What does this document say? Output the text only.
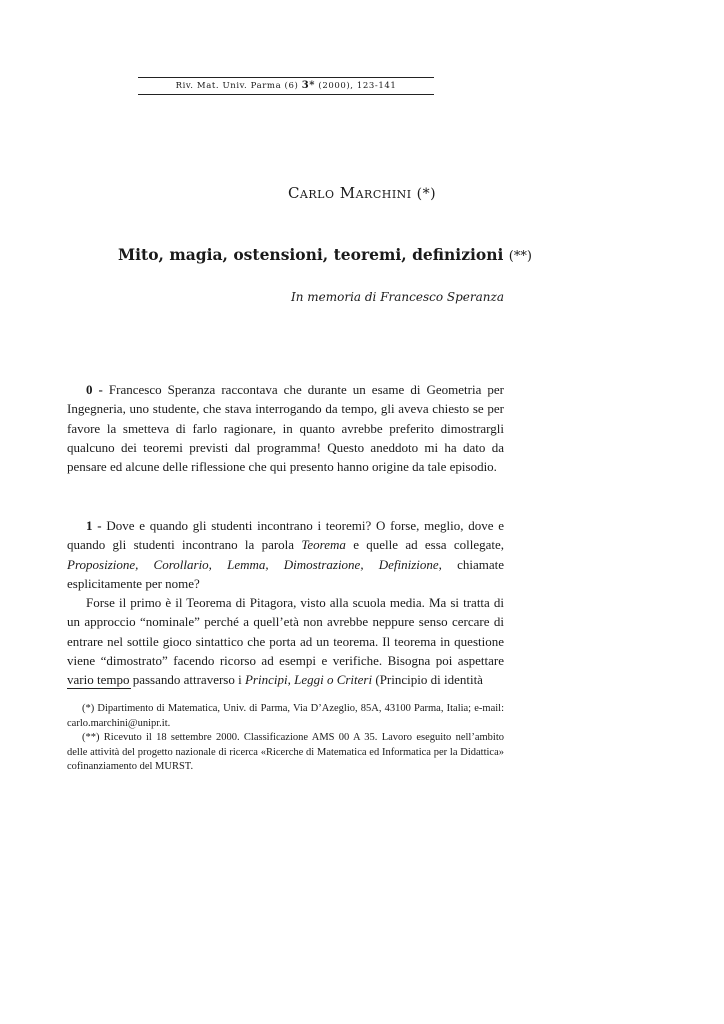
Riv. Mat. Univ. Parma (6) 3* (2000), 123-141
Carlo Marchini (*)
Mito, magia, ostensioni, teoremi, definizioni (**)
In memoria di Francesco Speranza

0 - Francesco Speranza raccontava che durante un esame di Geometria per Ingegneria, uno studente, che stava interrogando da tempo, gli aveva chiesto se per favore la smetteva di farlo ragionare, in quanto avrebbe preferito dimostrargli qualcuno dei teoremi previsti dal programma! Questo aneddoto mi ha dato da pensare ed alcune delle riflessione che qui presento hanno origine da tale episodio.

1 - Dove e quando gli studenti incontrano i teoremi? O forse, meglio, dove e quando gli studenti incontrano la parola Teorema e quelle ad essa collegate, Proposizione, Corollario, Lemma, Dimostrazione, Definizione, chiamate esplicitamente per nome?

Forse il primo è il Teorema di Pitagora, visto alla scuola media. Ma si tratta di un approccio “nominale” perché a quell’età non avrebbe neppure senso cercare di entrare nel sottile gioco sintattico che porta ad un teorema. Il teorema in questione viene “dimostrato” facendo ricorso ad esempi e verifiche. Bisogna poi aspettare vario tempo passando attraverso i Principi, Leggi o Criteri (Principio di identità

(*) Dipartimento di Matematica, Univ. di Parma, Via D’Azeglio, 85A, 43100 Parma, Italia; e-mail: carlo.marchini@unipr.it.

(**) Ricevuto il 18 settembre 2000. Classificazione AMS 00 A 35. Lavoro eseguito nell’ambito delle attività del progetto nazionale di ricerca «Ricerche di Matematica ed Informatica per la Didattica» cofinanziamento del MURST.
